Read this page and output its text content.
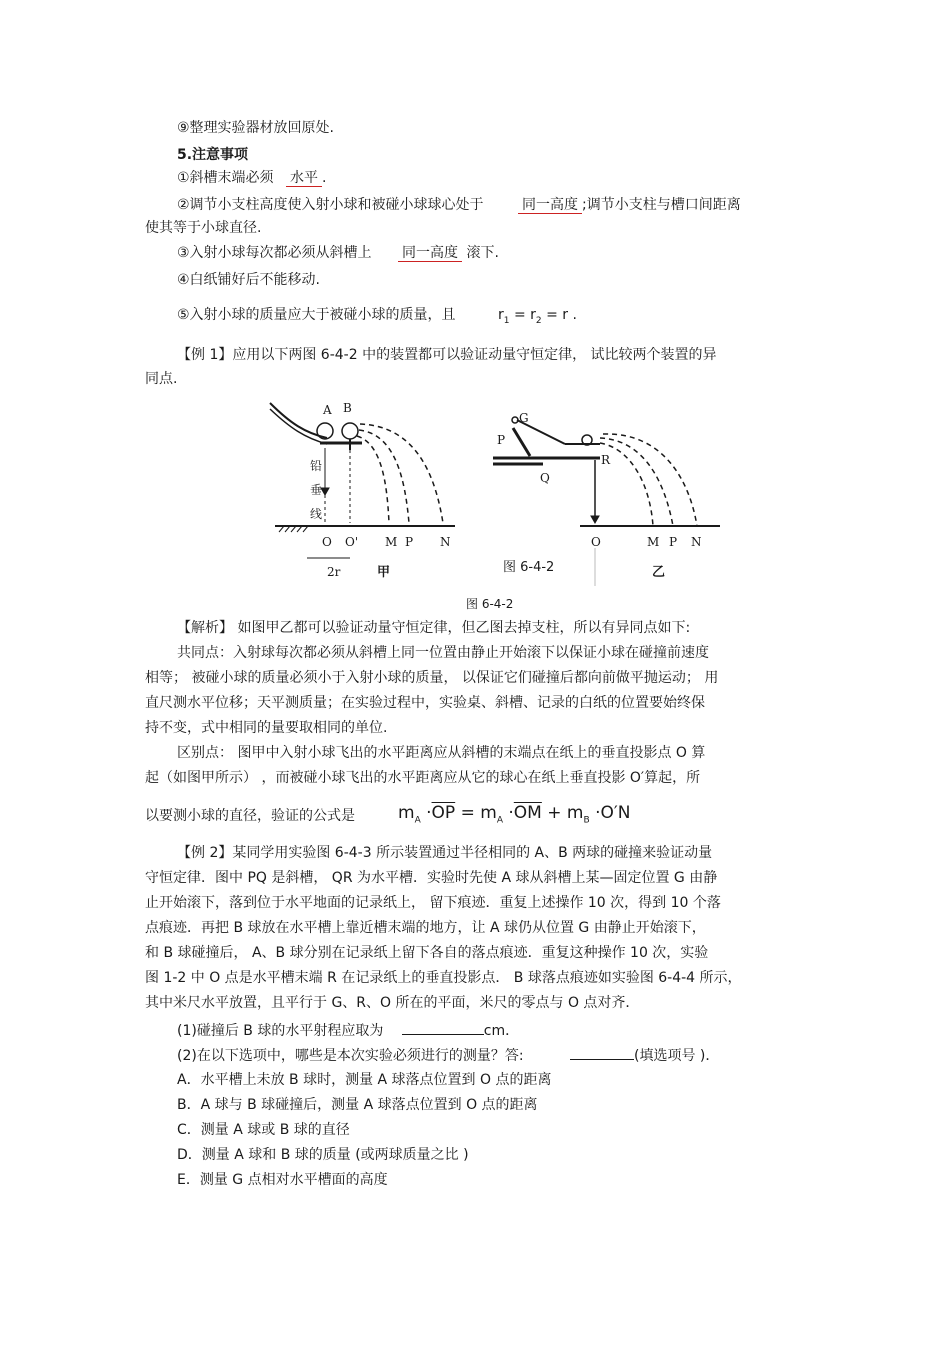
⑨整理实验器材放回原处.
5.注意事项
①斜槽末端必须 水平 .
②调节小支柱高度使入射小球和被碰小球球心处于	同一高度 ;调节小支柱与槽口间距离
使其等于小球直径.
③入射小球每次都必须从斜槽上 同一高度 滚下.
④白纸铺好后不能移动.
⑤入射小球的质量应大于被碰小球的质量，且	$r_1 = r_2 = r$ .
【例 1】应用以下两图 6-4-2 中的装置都可以验证动量守恒定律， 试比较两个装置的异
同点.
A B
铅
垂
线
O O' M P N
2r	甲
G
P
R
Q
O	M P N
乙
图 6-4-2
图 6-4-2
【解析】 如图甲乙都可以验证动量守恒定律，但乙图去掉支柱，所以有异同点如下:
共同点：入射球每次都必须从斜槽上同一位置由静止开始滚下以保证小球在碰撞前速度
相等； 被碰小球的质量必须小于入射小球的质量， 以保证它们碰撞后都向前做平抛运动； 用
直尺测水平位移；天平测质量；在实验过程中，实验桌、斜槽、记录的白纸的位置要始终保
持不变，式中相同的量要取相同的单位.
区别点： 图甲中入射小球飞出的水平距离应从斜槽的末端点在纸上的垂直投影点 O 算
起（如图甲所示） ，而被碰小球飞出的水平距离应从它的球心在纸上垂直投影 O′算起，所
以要测小球的直径，验证的公式是	$m_A \cdot\overline{OP} = m_A \cdot\overline{OM} + m_B \cdot O'N$
【例 2】某同学用实验图 6-4-3 所示装置通过半径相同的 A、B 两球的碰撞来验证动量
守恒定律．图中 PQ 是斜槽， QR 为水平槽．实验时先使 A 球从斜槽上某—固定位置 G 由静
止开始滚下，落到位于水平地面的记录纸上， 留下痕迹．重复上述操作 10 次，得到 10 个落
点痕迹．再把 B 球放在水平槽上靠近槽末端的地方，让 A 球仍从位置 G 由静止开始滚下，
和 B 球碰撞后， A、B 球分别在记录纸上留下各自的落点痕迹．重复这种操作 10 次，实验
图 1-2 中 O 点是水平槽末端 R 在记录纸上的垂直投影点． B 球落点痕迹如实验图 6-4-4 所示，
其中米尺水平放置，且平行于 G、R、O 所在的平面，米尺的零点与 O 点对齐．
(1)碰撞后 B 球的水平射程应取为	cm．
(2)在以下选项中，哪些是本次实验必须进行的测量？答:	(填选项号 )．
A．水平槽上未放 B 球时，测量 A 球落点位置到 O 点的距离
B．A 球与 B 球碰撞后，测量 A 球落点位置到 O 点的距离
C．测量 A 球或 B 球的直径
D．测量 A 球和 B 球的质量 (或两球质量之比 )
E．测量 G 点相对水平槽面的高度
